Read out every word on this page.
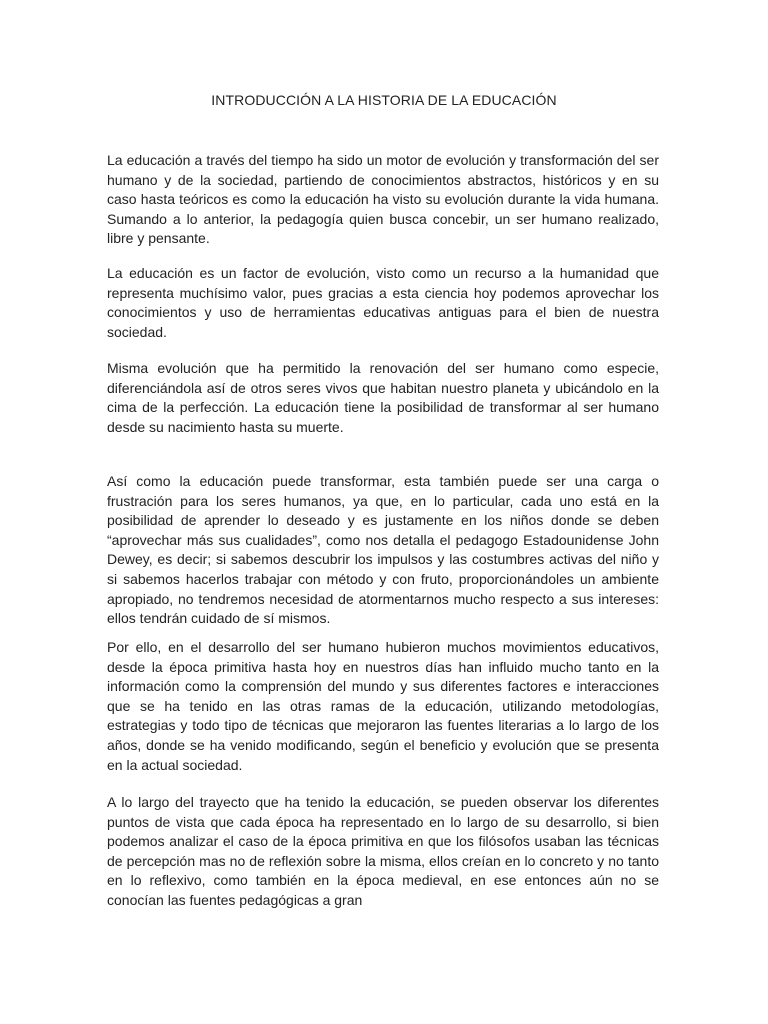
INTRODUCCIÓN A LA HISTORIA DE LA EDUCACIÓN

La educación a través del tiempo ha sido un motor de evolución y transformación del ser humano y de la sociedad, partiendo de conocimientos abstractos, históricos y en su caso hasta teóricos es como la educación ha visto su evolución durante la vida humana. Sumando a lo anterior, la pedagogía quien busca concebir, un ser humano realizado, libre y pensante.

La educación es un factor de evolución, visto como un recurso a la humanidad que representa muchísimo valor, pues gracias a esta ciencia hoy podemos aprovechar los conocimientos y uso de herramientas educativas antiguas para el bien de nuestra sociedad.

Misma evolución que ha permitido la renovación del ser humano como especie, diferenciándola así de otros seres vivos que habitan nuestro planeta y ubicándolo en la cima de la perfección. La educación tiene la posibilidad de transformar al ser humano desde su nacimiento hasta su muerte.

Así como la educación puede transformar, esta también puede ser una carga o frustración para los seres humanos, ya que, en lo particular, cada uno está en la posibilidad de aprender lo deseado y es justamente en los niños donde se deben “aprovechar más sus cualidades”, como nos detalla el pedagogo Estadounidense John Dewey, es decir; si sabemos descubrir los impulsos y las costumbres activas del niño y si sabemos hacerlos trabajar con método y con fruto, proporcionándoles un ambiente apropiado, no tendremos necesidad de atormentarnos mucho respecto a sus intereses: ellos tendrán cuidado de sí mismos.

Por ello, en el desarrollo del ser humano hubieron muchos movimientos educativos, desde la época primitiva hasta hoy en nuestros días han influido mucho tanto en la información como la comprensión del mundo y sus diferentes factores e interacciones que se ha tenido en las otras ramas de la educación, utilizando metodologías, estrategias y todo tipo de técnicas que mejoraron las fuentes literarias a lo largo de los años, donde se ha venido modificando, según el beneficio y evolución que se presenta en la actual sociedad.

A lo largo del trayecto que ha tenido la educación, se pueden observar los diferentes puntos de vista que cada época ha representado en lo largo de su desarrollo, si bien podemos analizar el caso de la época primitiva en que los filósofos usaban las técnicas de percepción mas no de reflexión sobre la misma, ellos creían en lo concreto y no tanto en lo reflexivo, como también en la época medieval, en ese entonces aún no se conocían las fuentes pedagógicas a gran
